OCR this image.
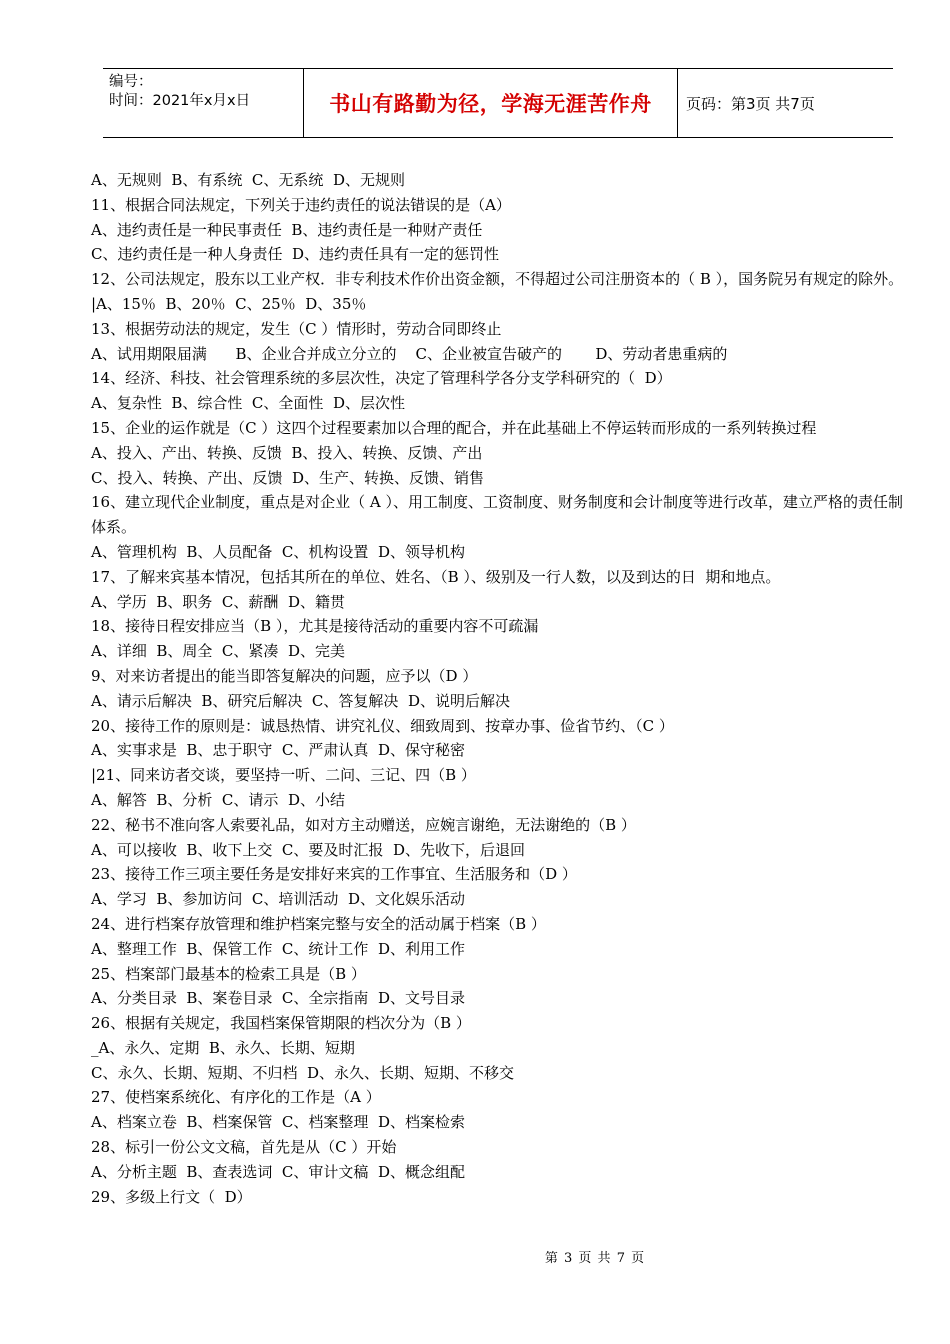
编号：
时间：2021年x月x日	书山有路勤为径，学海无涯苦作舟 页码：第3页 共7页
A、无规则  B、有系统  C、无系统  D、无规则
11、根据合同法规定，下列关于违约责任的说法错误的是（A）
A、违约责任是一种民事责任  B、违约责任是一种财产责任
C、违约责任是一种人身责任  D、违约责任具有一定的惩罚性
12、公司法规定，股东以工业产权．非专利技术作价出资金额，不得超过公司注册资本的（ B ），国务院另有规定的除外。
|A、15％  B、20％  C、25％  D、35％
13、根据劳动法的规定，发生（C ）情形时，劳动合同即终止
A、试用期限届满      B、企业合并成立分立的    C、企业被宣告破产的       D、劳动者患重病的
14、经济、科技、社会管理系统的多层次性，决定了管理科学各分支学科研究的（  D）
A、复杂性  B、综合性  C、全面性  D、层次性
15、企业的运作就是（C ）这四个过程要素加以合理的配合，并在此基础上不停运转而形成的一系列转换过程
A、投入、产出、转换、反馈  B、投入、转换、反馈、产出
C、投入、转换、产出、反馈  D、生产、转换、反馈、销售
16、建立现代企业制度，重点是对企业（ A ）、用工制度、工资制度、财务制度和会计制度等进行改革，建立严格的责任制体系。
A、管理机构  B、人员配备  C、机构设置  D、领导机构
17、了解来宾基本情况，包括其所在的单位、姓名、（B ）、级别及一行人数，以及到达的日  期和地点。
A、学历  B、职务  C、薪酬  D、籍贯
18、接待日程安排应当（B ），尤其是接待活动的重要内容不可疏漏
A、详细  B、周全  C、紧凑  D、完美
9、对来访者提出的能当即答复解决的问题，应予以（D ）
A、请示后解决  B、研究后解决  C、答复解决  D、说明后解决
20、接待工作的原则是：诚恳热情、讲究礼仪、细致周到、按章办事、俭省节约、（C ）
A、实事求是  B、忠于职守  C、严肃认真  D、保守秘密
|21、同来访者交谈，要坚持一听、二问、三记、四（B ）
A、解答  B、分析  C、请示  D、小结
22、秘书不准向客人索要礼品，如对方主动赠送，应婉言谢绝，无法谢绝的（B ）
A、可以接收  B、收下上交  C、要及时汇报  D、先收下，后退回
23、接待工作三项主要任务是安排好来宾的工作事宜、生活服务和（D ）
A、学习  B、参加访问  C、培训活动  D、文化娱乐活动
24、进行档案存放管理和维护档案完整与安全的活动属于档案（B ）
A、整理工作  B、保管工作  C、统计工作  D、利用工作
25、档案部门最基本的检索工具是（B ）
A、分类目录  B、案卷目录  C、全宗指南  D、文号目录
26、根据有关规定，我国档案保管期限的档次分为（B ）
_A、永久、定期  B、永久、长期、短期
C、永久、长期、短期、不归档  D、永久、长期、短期、不移交
27、使档案系统化、有序化的工作是（A ）
A、档案立卷  B、档案保管  C、档案整理  D、档案检索
28、标引一份公文文稿，首先是从（C ）开始
A、分析主题  B、查表选词  C、审计文稿  D、概念组配
29、多级上行文（  D）
第 3 页 共 7 页
